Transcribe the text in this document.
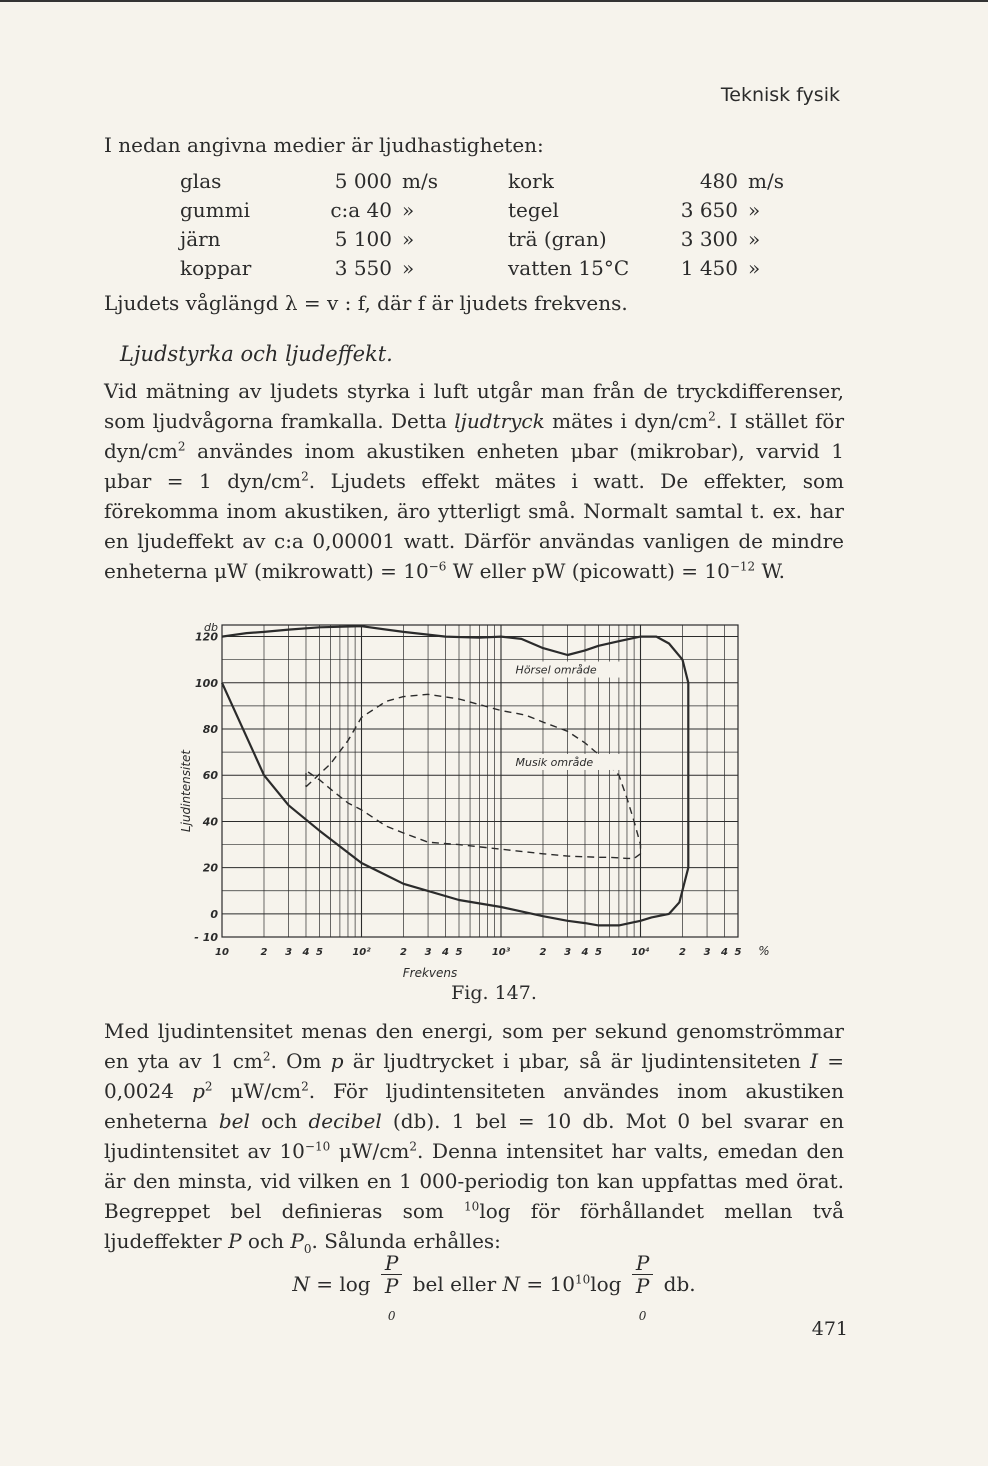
Teknisk fysik

I nedan angivna medier är ljudhastigheten:

glas	5 000	m/s	kork	480	m/s
gummi	c:a 40	»	tegel	3 650	»
järn	5 100	»	trä (gran)	3 300	»
koppar	3 550	»	vatten 15°C	1 450	»

Ljudets våglängd λ = v : f, där f är ljudets frekvens.

Ljudstyrka och ljudeffekt.

Vid mätning av ljudets styrka i luft utgår man från de tryckdifferenser, som ljudvågorna framkalla. Detta ljudtryck mätes i dyn/$cm^2$. I stället för dyn/$cm^2$ användes inom akustiken enheten μbar (mikrobar), varvid 1 μbar = 1 dyn/$cm^2$. Ljudets effekt mätes i watt. De effekter, som förekomma inom akustiken, äro ytterligt små. Normalt samtal t. ex. har en ljudeffekt av c:a 0,00001 watt. Därför användas vanligen de mindre enheterna μW (mikrowatt) = $10^{-6}$ W eller pW (picowatt) = $10^{-12}$ W.

120
100
80
60
40
20
0
- 10
db
Ljudintensitet
10	2 3 4 5	10²	2 3 4 5	10³	2 3 4 5	10⁴	2 3 4 5 %
Frekvens
Hörsel område
Musik område
Fig. 147.

Med ljudintensitet menas den energi, som per sekund genomströmmar en yta av 1 $cm^2$. Om p är ljudtrycket i μbar, så är ljudintensiteten I = 0,0024 $p^2$ $\mu W/cm^2$. För ljudintensiteten användes inom akustiken enheterna bel och decibel (db). 1 bel = 10 db. Mot 0 bel svarar en ljudintensitet av $10^{-10}$ $\mu W/cm^2$. Denna intensitet har valts, emedan den är den minsta, vid vilken en 1 000-periodig ton kan uppfattas med örat. Begreppet bel definieras som $^{10}$log för förhållandet mellan två ljudeffekter P och $P_0$. Sålunda erhålles:

N = log P
P
$_0$ bel eller $N = 10^{10}\log$ P
P
$_0$ db.
471
